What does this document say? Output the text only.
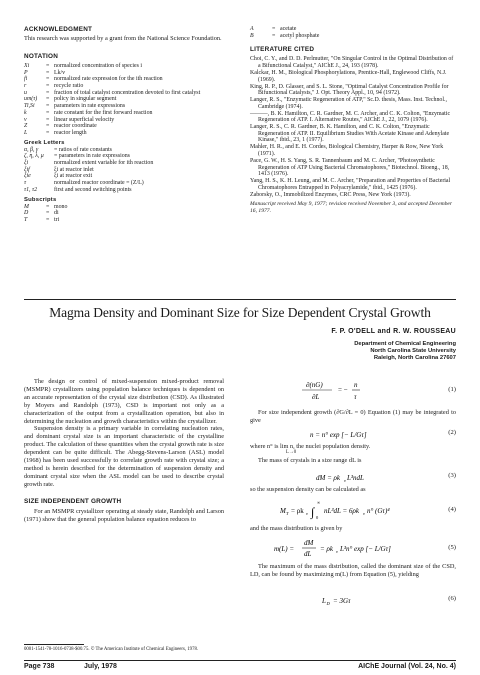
ACKNOWLEDGMENT
This research was supported by a grant from the National Science Foundation.
NOTATION
Xi	= normalized concentration of species i
P	= Lk/v
fi	= normalized rate expression for the ith reaction
r	= recycle ratio
u	= fraction of total catalyst concentration devoted to first catalyst
um(τ)	= policy in singular segment
Ti,Si	= parameters in rate expressions
k	= rate constant for the first forward reaction
v	= linear superficial velocity
Z	= reactor coordinate
L	= reactor length
Greek Letters
α, β, γ	= ratios of rate constants
ζ, η, λ, μ	= parameters in rate expressions
ξi	normalized extent variable for ith reaction
ξif	ξi at reactor inlet
ξie	ξi at reactor exit
τ	normalized reactor coordinate = (Z/L)
τ1, τ2	first and second switching points
Subscripts
M	= mono
D	= di
T	= tri
A	= acetate
B	= acetyl phosphate
LITERATURE CITED
Choi, C. Y., and D. D. Perlmutter, "On Singular Control in the Optimal Distribution of a Bifunctional Catalyst," AIChE J., 24, 193 (1978).
Kalckar, H. M., Biological Phosphorylations, Prentice-Hall, Englewood Cliffs, N.J. (1969).
King, R. P., D. Glasser, and S. L. Stone, "Optimal Catalyst Concentration Profile for Bifunctional Catalysts," J. Opt. Theory Appl., 10, 94 (1972).
Langer, R. S., "Enzymatic Regeneration of ATP," Sc.D. thesis, Mass. Inst. Technol., Cambridge (1974).
———, B. K. Hamilton, C. R. Gardner, M. C. Archer, and C. K. Colton, "Enzymatic Regeneration of ATP. I. Alternative Routes," AIChE J., 22, 1079 (1976).
Langer, R. S., C. R. Gardner, B. K. Hamilton, and C. K. Colton, "Enzymatic Regeneration of ATP. II. Equilibrium Studies With Acetate Kinase and Adenylate Kinase," ibid., 23, 1 (1977).
Mahler, H. R., and E. H. Cordes, Biological Chemistry, Harper & Row, New York (1971).
Pace, G. W., H. S. Yang, S. R. Tannenbaum and M. C. Archer, "Photosynthetic Regeneration of ATP Using Bacterial Chromatophores," Biotechnol. Bioeng., 18, 1413 (1976).
Yang, H. S., K. H. Leung, and M. C. Archer, "Preparation and Properties of Bacterial Chromatophores Entrapped in Polyacrylamide," ibid., 1425 (1976).
Zaborsky, O., Immobilized Enzymes, CRC Press, New York (1973).
Manuscript received May 9, 1977; revision received November 3, and accepted December 16, 1977.
Magma Density and Dominant Size for Size Dependent Crystal Growth
F. P. O'DELL and R. W. ROUSSEAU
Department of Chemical Engineering
North Carolina State University
Raleigh, North Carolina 27607
The design or control of mixed-suspension mixed-product removal (MSMPR) crystallizers using population balance techniques is dependent on an accurate representation of the crystal size distribution (CSD). As illustrated by Moyers and Randolph (1973), CSD is important not only as a characterization of the output from a crystallization operation, but also in determining the nucleation and growth characteristics within the crystallizer.
Suspension density is a primary variable in correlating nucleation rates, and dominant crystal size is an important characteristic of the crystalline product. The calculation of these quantities when the crystal growth rate is size dependent can be quite difficult. The Abegg-Stevens-Larson (ASL) model (1968) has been used successfully to correlate growth rate with crystal size; a method is herein described for the determination of suspension density and dominant crystal size when the ASL model can be used to describe crystal growth rate.
SIZE INDEPENDENT GROWTH
For an MSMPR crystallizer operating at steady state, Randolph and Larson (1971) show that the general population balance equation reduces to
0001-1541-78-1016-0738-$00.75. © The American Institute of Chemical Engineers, 1978.
∂(nG)
∂L
= −
n
τ
(1)
For size independent growth (∂G/∂L = 0) Equation (1) may be integrated to give
n = n° exp [− L/Gτ]	(2)
where n° is lim n, the nuclei population density.
L→0
The mass of crystals in a size range dL is
dM = ρk v L³ndL	(3)
so the suspension density can be calculated as
M T = ρk v ∫
∞
0
nL³dL = 6ρk v n° (Gτ)⁴	(4)
and the mass distribution is given by
m(L) =
dM
dL
= ρk v L³n° exp [− L/Gτ]	(5)
The maximum of the mass distribution, called the dominant size of the CSD, LD, can be found by maximizing m(L) from Equation (5), yielding
L D = 3Gτ	(6)
Page 738	July, 1978	AIChE Journal (Vol. 24, No. 4)
